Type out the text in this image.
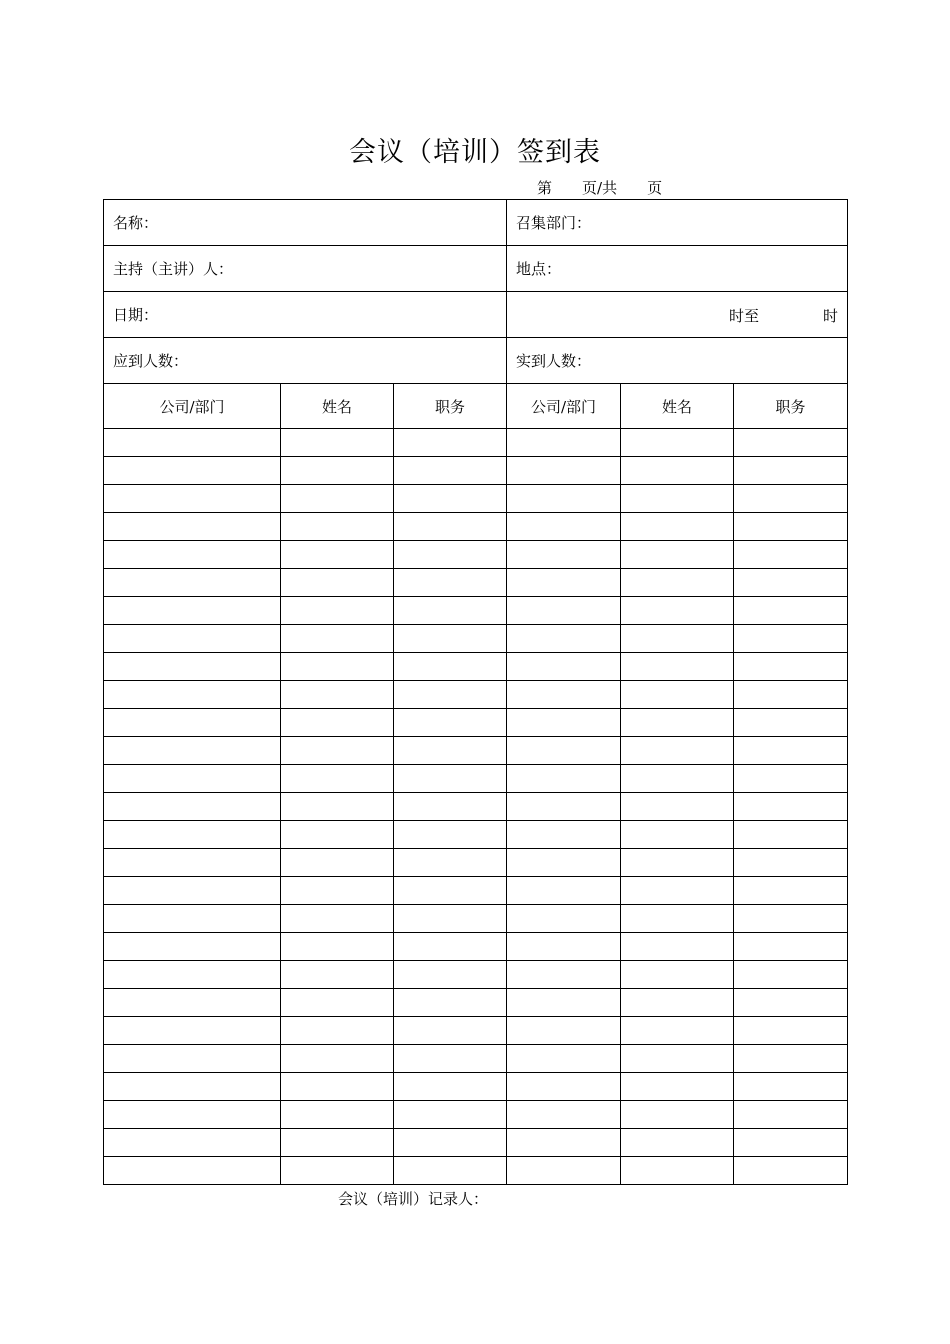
会议（培训）签到表
第 页/共 页
名称：			召集部门：		
主持（主讲）人：			地点：		
日期：			时至 时		

应到人数：			实到人数：		
公司/部门	姓名	职务	公司/部门	姓名	职务

会议（培训）记录人：
